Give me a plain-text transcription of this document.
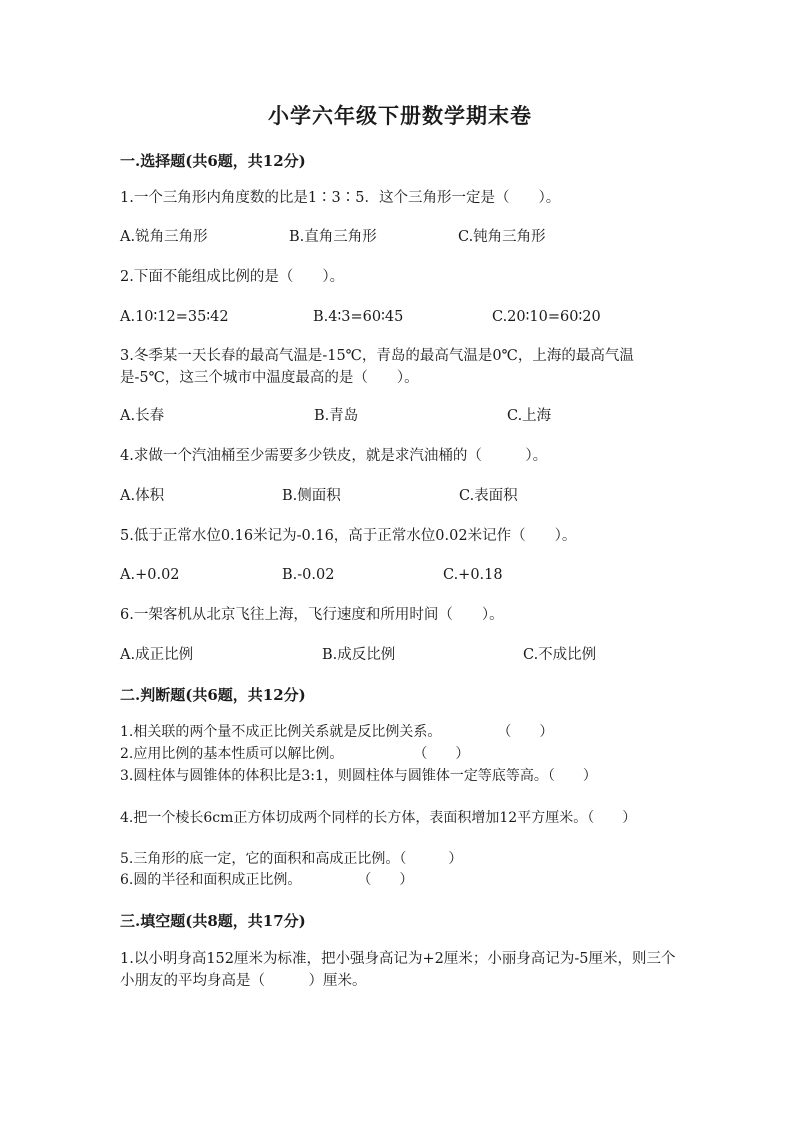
小学六年级下册数学期末卷
一.选择题(共6题，共12分)
1.一个三角形内角度数的比是1∶3∶5．这个三角形一定是（　　）。
A.锐角三角形	B.直角三角形	C.钝角三角形
2.下面不能组成比例的是（　　）。
A.10∶12=35∶42	B.4∶3=60∶45	C.20∶10=60∶20
3.冬季某一天长春的最高气温是-15℃，青岛的最高气温是0℃，上海的最高气温是-5℃，这三个城市中温度最高的是（　　）。
A.长春	B.青岛	C.上海
4.求做一个汽油桶至少需要多少铁皮，就是求汽油桶的（　　　）。
A.体积	B.侧面积	C.表面积
5.低于正常水位0.16米记为-0.16，高于正常水位0.02米记作（　　）。
A.+0.02	B.-0.02	C.+0.18
6.一架客机从北京飞往上海，飞行速度和所用时间（　　）。
A.成正比例	B.成反比例	C.不成比例
二.判断题(共6题，共12分)
1.相关联的两个量不成正比例关系就是反比例关系。　　　　　（　　）
2.应用比例的基本性质可以解比例。　　　　　　（　　）
3.圆柱体与圆锥体的体积比是3:1，则圆柱体与圆锥体一定等底等高。（　　）
4.把一个棱长6cm正方体切成两个同样的长方体，表面积增加12平方厘米。（　　）
5.三角形的底一定，它的面积和高成正比例。（　　　）
6.圆的半径和面积成正比例。　　　　　（　　）
三.填空题(共8题，共17分)
1.以小明身高152厘米为标准，把小强身高记为+2厘米；小丽身高记为-5厘米，则三个小朋友的平均身高是（　　　）厘米。
